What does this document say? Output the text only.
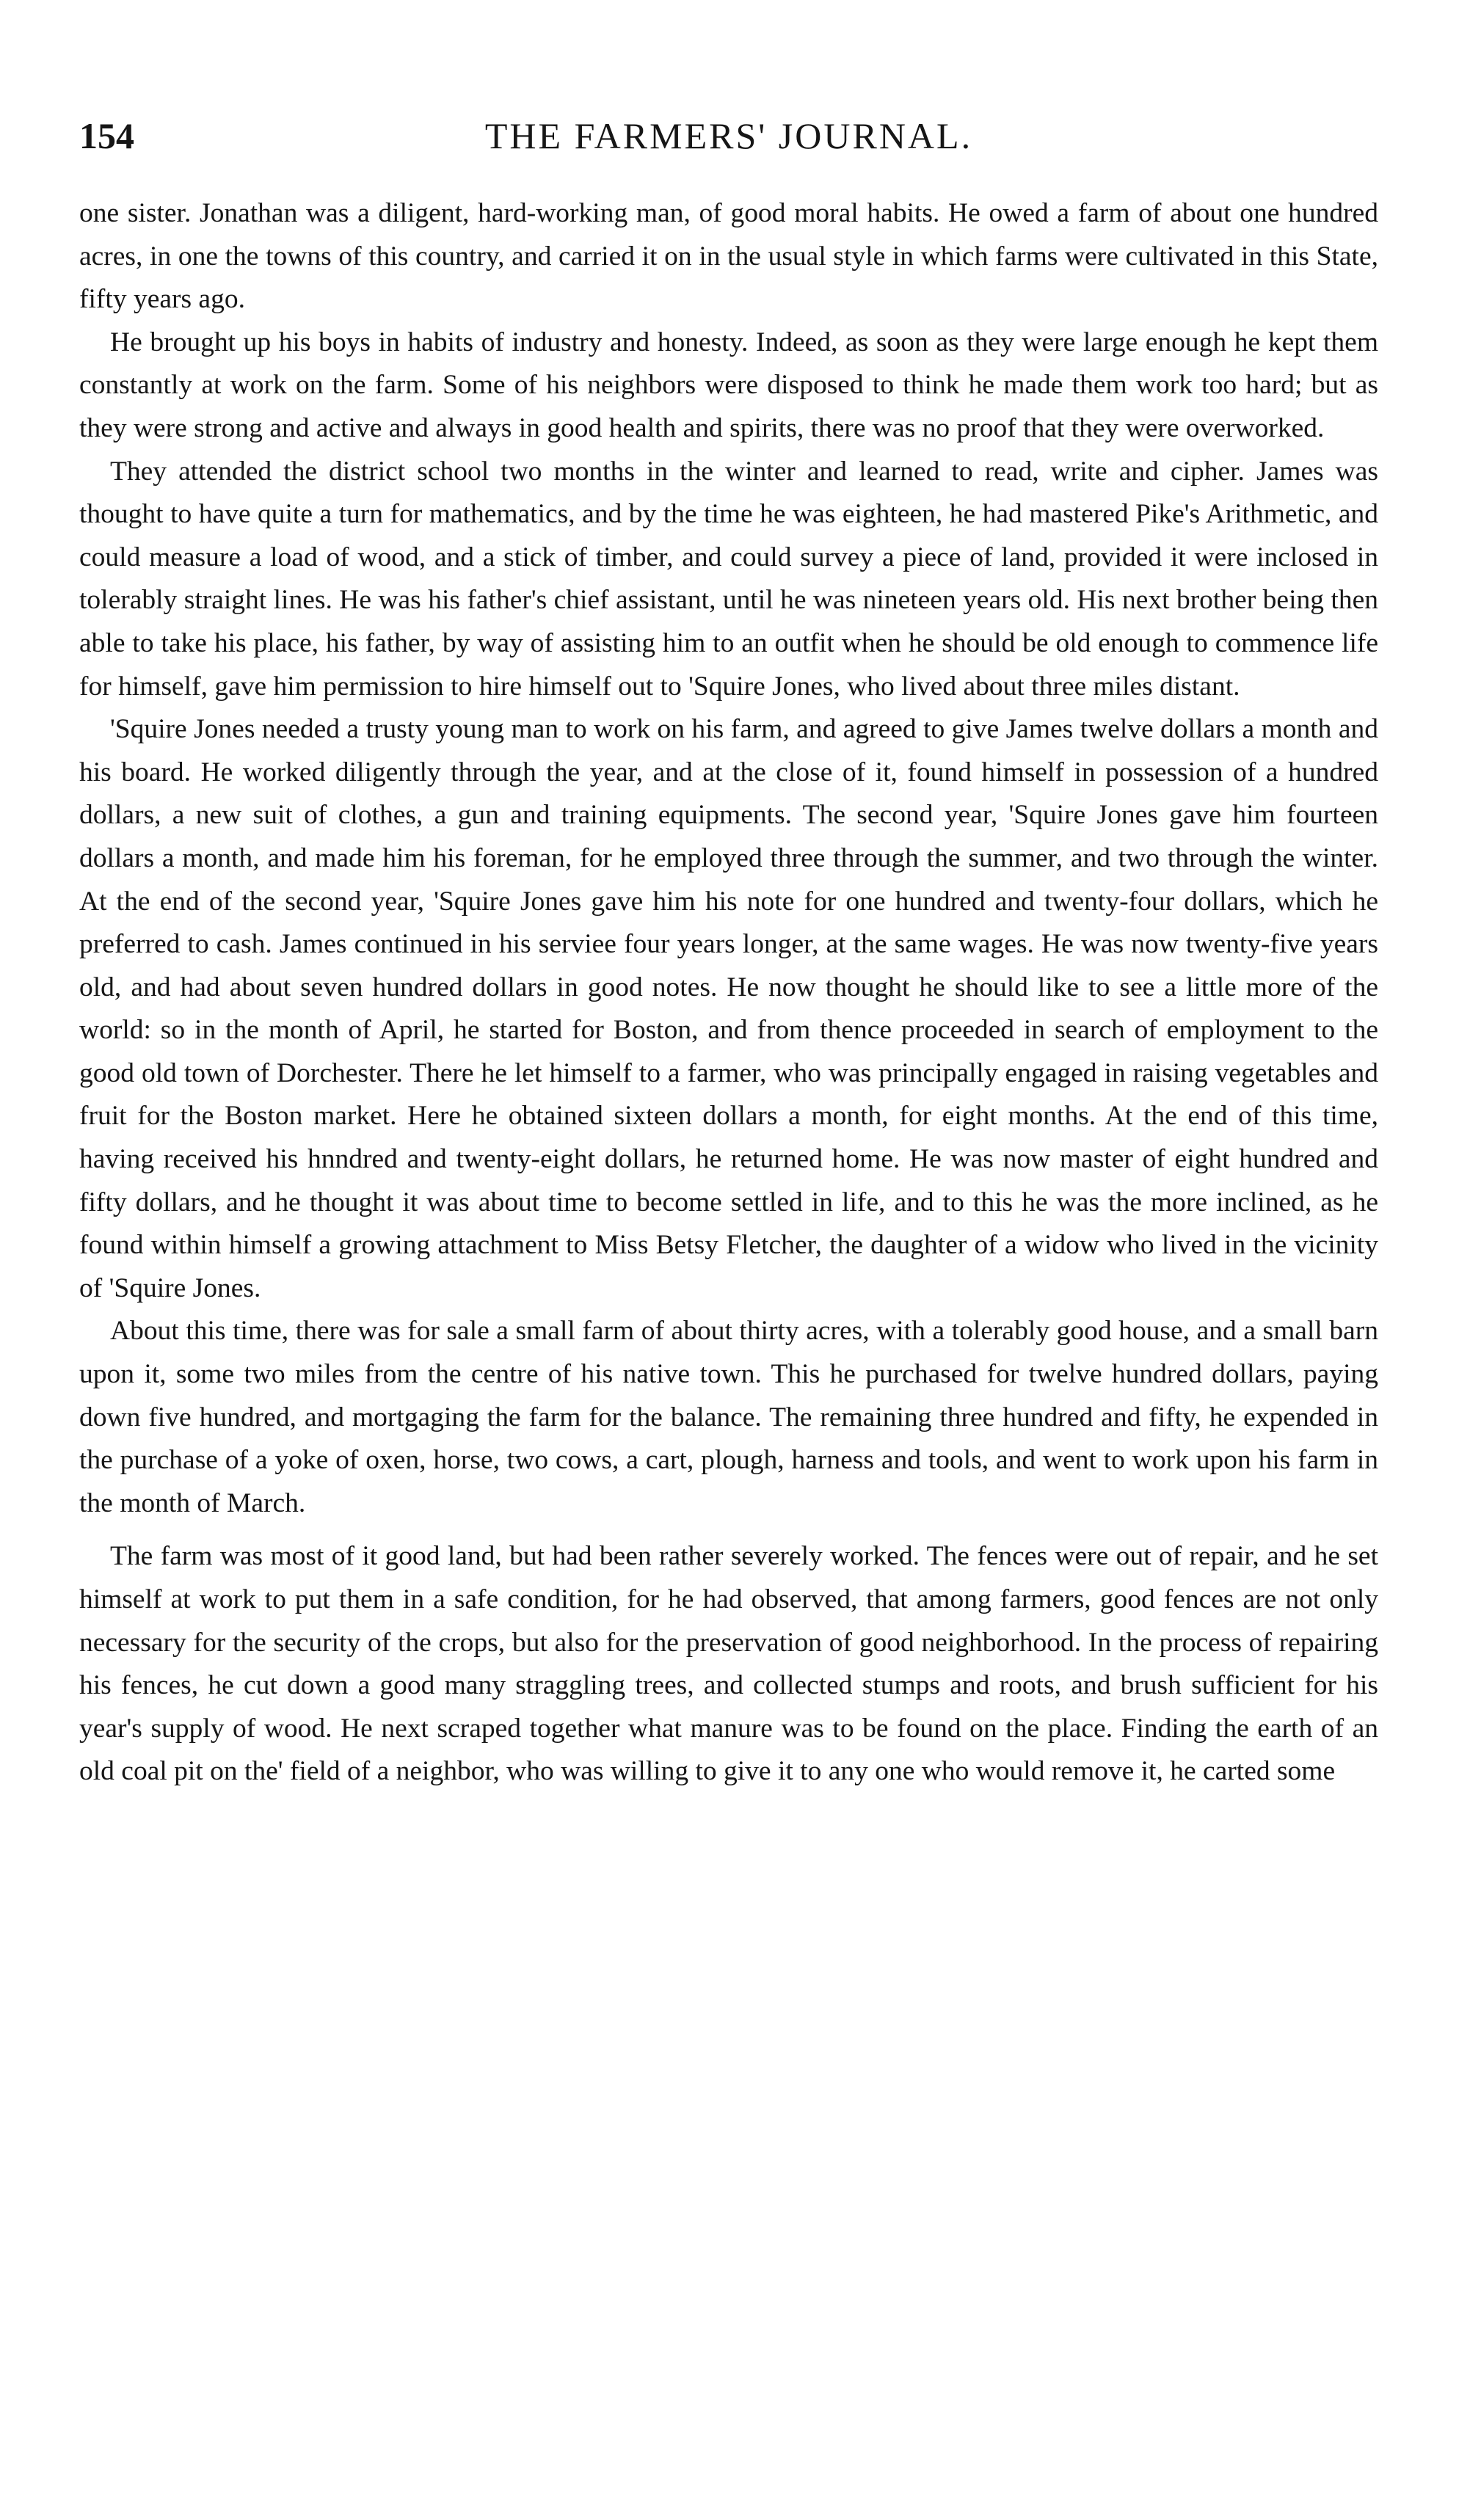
154	THE FARMERS' JOURNAL.

one sister. Jonathan was a diligent, hard-working man, of good moral habits. He owed a farm of about one hundred acres, in one the towns of this country, and carried it on in the usual style in which farms were cultivated in this State, fifty years ago.

He brought up his boys in habits of industry and honesty. Indeed, as soon as they were large enough he kept them constantly at work on the farm. Some of his neighbors were disposed to think he made them work too hard; but as they were strong and active and always in good health and spirits, there was no proof that they were overworked.

They attended the district school two months in the winter and learned to read, write and cipher. James was thought to have quite a turn for mathematics, and by the time he was eighteen, he had mastered Pike's Arithmetic, and could measure a load of wood, and a stick of timber, and could survey a piece of land, provided it were inclosed in tolerably straight lines. He was his father's chief assistant, until he was nineteen years old. His next brother being then able to take his place, his father, by way of assisting him to an outfit when he should be old enough to commence life for himself, gave him permission to hire himself out to 'Squire Jones, who lived about three miles distant.

'Squire Jones needed a trusty young man to work on his farm, and agreed to give James twelve dollars a month and his board. He worked diligently through the year, and at the close of it, found himself in possession of a hundred dollars, a new suit of clothes, a gun and training equipments. The second year, 'Squire Jones gave him fourteen dollars a month, and made him his foreman, for he employed three through the summer, and two through the winter. At the end of the second year, 'Squire Jones gave him his note for one hundred and twenty-four dollars, which he preferred to cash. James continued in his serviee four years longer, at the same wages. He was now twenty-five years old, and had about seven hundred dollars in good notes. He now thought he should like to see a little more of the world: so in the month of April, he started for Boston, and from thence proceeded in search of employment to the good old town of Dorchester. There he let himself to a farmer, who was principally engaged in raising vegetables and fruit for the Boston market. Here he obtained sixteen dollars a month, for eight months. At the end of this time, having received his hnndred and twenty-eight dollars, he returned home. He was now master of eight hundred and fifty dollars, and he thought it was about time to become settled in life, and to this he was the more inclined, as he found within himself a growing attachment to Miss Betsy Fletcher, the daughter of a widow who lived in the vicinity of 'Squire Jones.

About this time, there was for sale a small farm of about thirty acres, with a tolerably good house, and a small barn upon it, some two miles from the centre of his native town. This he purchased for twelve hundred dollars, paying down five hundred, and mortgaging the farm for the balance. The remaining three hundred and fifty, he expended in the purchase of a yoke of oxen, horse, two cows, a cart, plough, harness and tools, and went to work upon his farm in the month of March.

The farm was most of it good land, but had been rather severely worked. The fences were out of repair, and he set himself at work to put them in a safe condition, for he had observed, that among farmers, good fences are not only necessary for the security of the crops, but also for the preservation of good neighborhood. In the process of repairing his fences, he cut down a good many straggling trees, and collected stumps and roots, and brush sufficient for his year's supply of wood. He next scraped together what manure was to be found on the place. Finding the earth of an old coal pit on the' field of a neighbor, who was willing to give it to any one who would remove it, he carted some
